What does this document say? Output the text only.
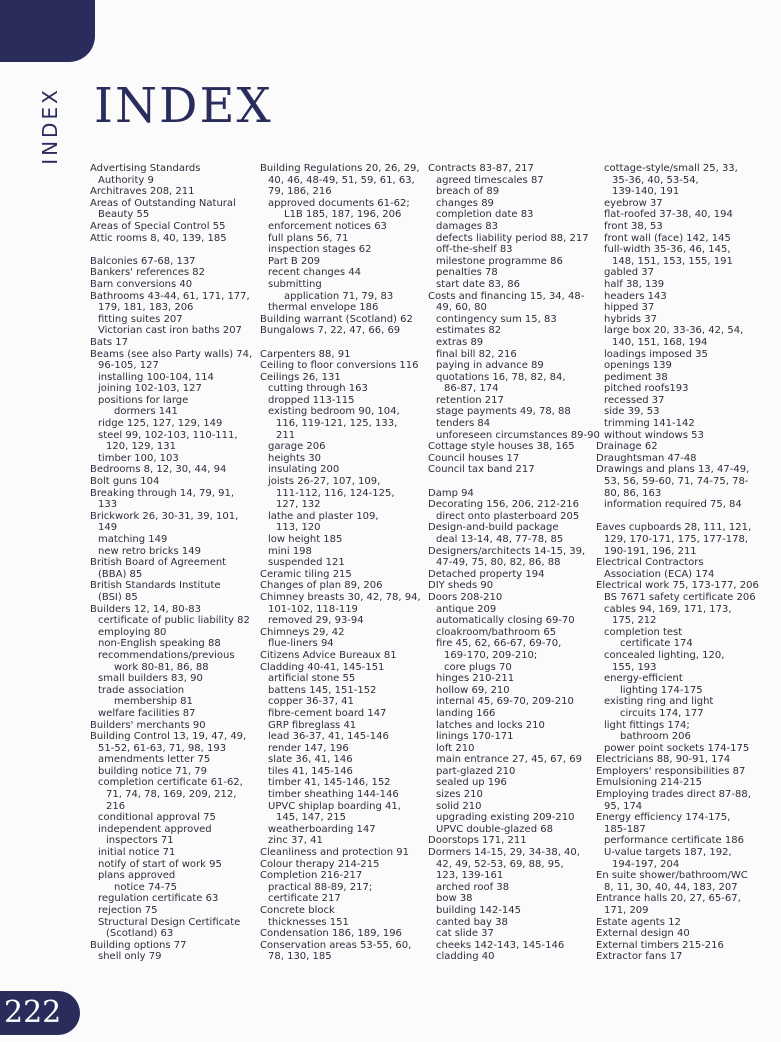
INDEX INDEX
Advertising Standards
Authority 9
Architraves 208, 211
Areas of Outstanding Natural
Beauty 55
Areas of Special Control 55
Attic rooms 8, 40, 139, 185
Balconies 67-68, 137
Bankers' references 82
Barn conversions 40
Bathrooms 43-44, 61, 171, 177,
179, 181, 183, 206
fitting suites 207
Victorian cast iron baths 207
Bats 17
Beams (see also Party walls) 74,
96-105, 127
installing 100-104, 114
joining 102-103, 127
positions for large
dormers 141
ridge 125, 127, 129, 149
steel 99, 102-103, 110-111,
120, 129, 131
timber 100, 103
Bedrooms 8, 12, 30, 44, 94
Bolt guns 104
Breaking through 14, 79, 91,
133
Brickwork 26, 30-31, 39, 101,
149
matching 149
new retro bricks 149
British Board of Agreement
(BBA) 85
British Standards Institute
(BSI) 85
Builders 12, 14, 80-83
certificate of public liability 82
employing 80
non-English speaking 88
recommendations/previous
work 80-81, 86, 88
small builders 83, 90
trade association
membership 81
welfare facilities 87
Builders' merchants 90
Building Control 13, 19, 47, 49,
51-52, 61-63, 71, 98, 193
amendments letter 75
building notice 71, 79
completion certificate 61-62,
71, 74, 78, 169, 209, 212,
216
conditional approval 75
independent approved
inspectors 71
initial notice 71
notify of start of work 95
plans approved
notice 74-75
regulation certificate 63
rejection 75
Structural Design Certificate
(Scotland) 63
Building options 77
shell only 79
Building Regulations 20, 26, 29,
40, 46, 48-49, 51, 59, 61, 63,
79, 186, 216
approved documents 61-62;
L1B 185, 187, 196, 206
enforcement notices 63
full plans 56, 71
inspection stages 62
Part B 209
recent changes 44
submitting
application 71, 79, 83
thermal envelope 186
Building warrant (Scotland) 62
Bungalows 7, 22, 47, 66, 69
Carpenters 88, 91
Ceiling to floor conversions 116
Ceilings 26, 131
cutting through 163
dropped 113-115
existing bedroom 90, 104,
116, 119-121, 125, 133,
211
garage 206
heights 30
insulating 200
joists 26-27, 107, 109,
111-112, 116, 124-125,
127, 132
lathe and plaster 109,
113, 120
low height 185
mini 198
suspended 121
Ceramic tiling 215
Changes of plan 89, 206
Chimney breasts 30, 42, 78, 94,
101-102, 118-119
removed 29, 93-94
Chimneys 29, 42
flue-liners 94
Citizens Advice Bureaux 81
Cladding 40-41, 145-151
artificial stone 55
battens 145, 151-152
copper 36-37, 41
fibre-cement board 147
GRP fibreglass 41
lead 36-37, 41, 145-146
render 147, 196
slate 36, 41, 146
tiles 41, 145-146
timber 41, 145-146, 152
timber sheathing 144-146
UPVC shiplap boarding 41,
145, 147, 215
weatherboarding 147
zinc 37, 41
Cleanliness and protection 91
Colour therapy 214-215
Completion 216-217
practical 88-89, 217;
certificate 217
Concrete block
thicknesses 151
Condensation 186, 189, 196
Conservation areas 53-55, 60,
78, 130, 185
Contracts 83-87, 217
agreed timescales 87
breach of 89
changes 89
completion date 83
damages 83
defects liability period 88, 217
off-the-shelf 83
milestone programme 86
penalties 78
start date 83, 86
Costs and financing 15, 34, 48-
49, 60, 80
contingency sum 15, 83
estimates 82
extras 89
final bill 82, 216
paying in advance 89
quotations 16, 78, 82, 84,
86-87, 174
retention 217
stage payments 49, 78, 88
tenders 84
unforeseen circumstances 89-90
Cottage style houses 38, 165
Council houses 17
Council tax band 217
Damp 94
Decorating 156, 206, 212-216
direct onto plasterboard 205
Design-and-build package
deal 13-14, 48, 77-78, 85
Designers/architects 14-15, 39,
47-49, 75, 80, 82, 86, 88
Detached property 194
DIY sheds 90
Doors 208-210
antique 209
automatically closing 69-70
cloakroom/bathroom 65
fire 45, 62, 66-67, 69-70,
169-170, 209-210;
core plugs 70
hinges 210-211
hollow 69, 210
internal 45, 69-70, 209-210
landing 166
latches and locks 210
linings 170-171
loft 210
main entrance 27, 45, 67, 69
part-glazed 210
sealed up 196
sizes 210
solid 210
upgrading existing 209-210
UPVC double-glazed 68
Doorstops 171, 211
Dormers 14-15, 29, 34-38, 40,
42, 49, 52-53, 69, 88, 95,
123, 139-161
arched roof 38
bow 38
building 142-145
canted bay 38
cat slide 37
cheeks 142-143, 145-146
cladding 40
cottage-style/small 25, 33,
35-36, 40, 53-54,
139-140, 191
eyebrow 37
flat-roofed 37-38, 40, 194
front 38, 53
front wall (face) 142, 145
full-width 35-36, 46, 145,
148, 151, 153, 155, 191
gabled 37
half 38, 139
headers 143
hipped 37
hybrids 37
large box 20, 33-36, 42, 54,
140, 151, 168, 194
loadings imposed 35
openings 139
pediment 38
pitched roofs193
recessed 37
side 39, 53
trimming 141-142
without windows 53
Drainage 62
Draughtsman 47-48
Drawings and plans 13, 47-49,
53, 56, 59-60, 71, 74-75, 78-
80, 86, 163
information required 75, 84
Eaves cupboards 28, 111, 121,
129, 170-171, 175, 177-178,
190-191, 196, 211
Electrical Contractors
Association (ECA) 174
Electrical work 75, 173-177, 206
BS 7671 safety certificate 206
cables 94, 169, 171, 173,
175, 212
completion test
certificate 174
concealed lighting, 120,
155, 193
energy-efficient
lighting 174-175
existing ring and light
circuits 174, 177
light fittings 174;
bathroom 206
power point sockets 174-175
Electricians 88, 90-91, 174
Employers' responsibilities 87
Emulsioning 214-215
Employing trades direct 87-88,
95, 174
Energy efficiency 174-175,
185-187
performance certificate 186
U-value targets 187, 192,
194-197, 204
En suite shower/bathroom/WC
8, 11, 30, 40, 44, 183, 207
Entrance halls 20, 27, 65-67,
171, 209
Estate agents 12
External design 40
External timbers 215-216
Extractor fans 17
222
